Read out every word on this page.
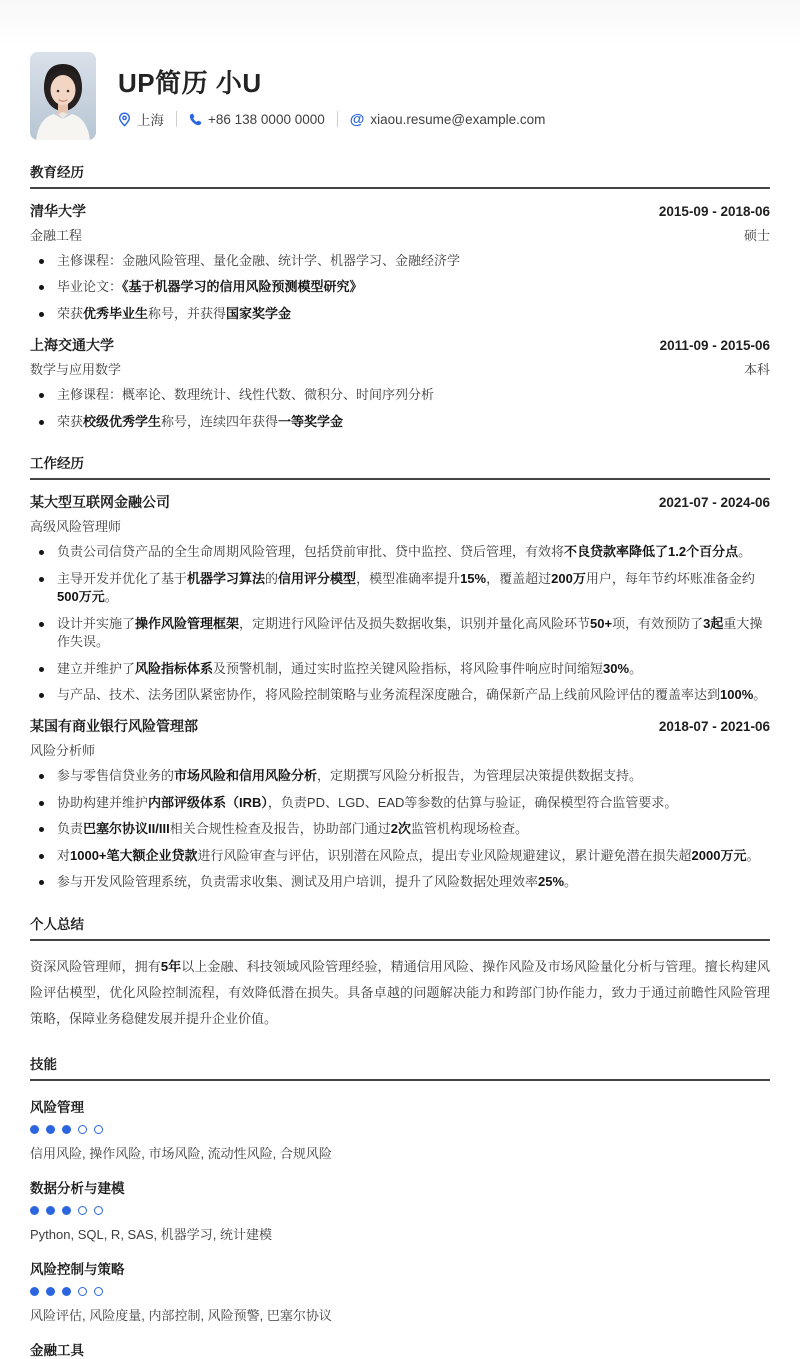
UP简历 小U
上海	+86 138 0000 0000 @ xiaou.resume@example.com
教育经历
清华大学	2015-09 - 2018-06
金融工程	硕士
主修课程：金融风险管理、量化金融、统计学、机器学习、金融经济学
毕业论文：《基于机器学习的信用风险预测模型研究》
荣获优秀毕业生称号，并获得国家奖学金
上海交通大学	2011-09 - 2015-06
数学与应用数学	本科
主修课程：概率论、数理统计、线性代数、微积分、时间序列分析
荣获校级优秀学生称号，连续四年获得一等奖学金
工作经历
某大型互联网金融公司	2021-07 - 2024-06
高级风险管理师
负责公司信贷产品的全生命周期风险管理，包括贷前审批、贷中监控、贷后管理，有效将不良贷款率降低了1.2个百分点。
主导开发并优化了基于机器学习算法的信用评分模型，模型准确率提升15%，覆盖超过200万用户，每年节约坏账准备金约500万元。
设计并实施了操作风险管理框架，定期进行风险评估及损失数据收集，识别并量化高风险环节50+项，有效预防了3起重大操作失误。
建立并维护了风险指标体系及预警机制，通过实时监控关键风险指标，将风险事件响应时间缩短30%。
与产品、技术、法务团队紧密协作，将风险控制策略与业务流程深度融合，确保新产品上线前风险评估的覆盖率达到100%。
某国有商业银行风险管理部	2018-07 - 2021-06
风险分析师
参与零售信贷业务的市场风险和信用风险分析，定期撰写风险分析报告，为管理层决策提供数据支持。
协助构建并维护内部评级体系（IRB），负责PD、LGD、EAD等参数的估算与验证，确保模型符合监管要求。
负责巴塞尔协议II/III相关合规性检查及报告，协助部门通过2次监管机构现场检查。
对1000+笔大额企业贷款进行风险审查与评估，识别潜在风险点，提出专业风险规避建议，累计避免潜在损失超2000万元。
参与开发风险管理系统，负责需求收集、测试及用户培训，提升了风险数据处理效率25%。
个人总结

资深风险管理师，拥有5年以上金融、科技领域风险管理经验，精通信用风险、操作风险及市场风险量化分析与管理。擅长构建风险评估模型，优化风险控制流程，有效降低潜在损失。具备卓越的问题解决能力和跨部门协作能力，致力于通过前瞻性风险管理策略，保障业务稳健发展并提升企业价值。

技能
风险管理
信用风险, 操作风险, 市场风险, 流动性风险, 合规风险
数据分析与建模
Python, SQL, R, SAS, 机器学习, 统计建模
风险控制与策略
风险评估, 风险度量, 内部控制, 风险预警, 巴塞尔协议
金融工具
